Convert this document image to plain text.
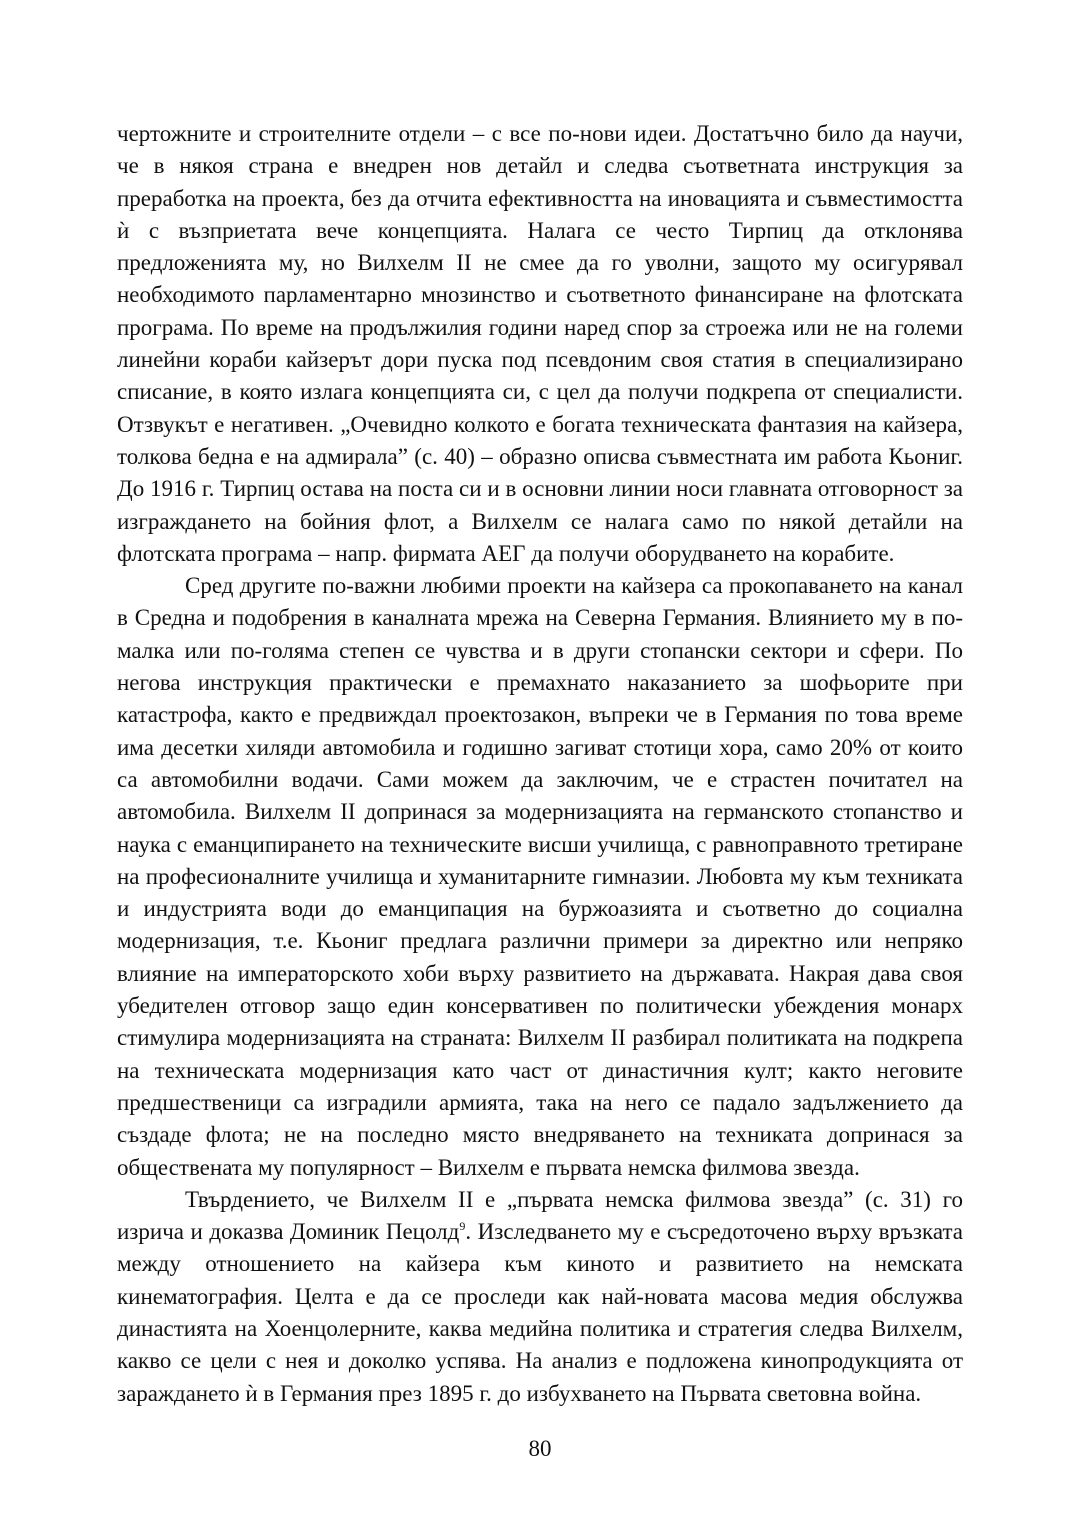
чертожните и строителните отдели – с все по-нови идеи. Достатъчно било да научи, че в някоя страна е внедрен нов детайл и следва съответната инструкция за преработка на проекта, без да отчита ефективността на иновацията и съвместимостта ѝ с възприетата вече концепцията. Налага се често Тирпиц да отклонява предложенията му, но Вилхелм II не смее да го уволни, защото му осигурявал необходимото парламентарно мнозинство и съответното финансиране на флотската програма. По време на продължилия години наред спор за строежа или не на големи линейни кораби кайзерът дори пуска под псевдоним своя статия в специализирано списание, в която излага концепцията си, с цел да получи подкрепа от специалисти. Отзвукът е негативен. „Очевидно колкото е богата техническата фантазия на кайзера, толкова бедна е на адмирала” (с. 40) – образно описва съвместната им работа Кьониг. До 1916 г. Тирпиц остава на поста си и в основни линии носи главната отговорност за изграждането на бойния флот, а Вилхелм се налага само по някой детайли на флотската програма – напр. фирмата АЕГ да получи оборудването на корабите.

Сред другите по-важни любими проекти на кайзера са прокопаването на канал в Средна и подобрения в каналната мрежа на Северна Германия. Влиянието му в по-малка или по-голяма степен се чувства и в други стопански сектори и сфери. По негова инструкция практически е премахнато наказанието за шофьорите при катастрофа, както е предвиждал проектозакон, въпреки че в Германия по това време има десетки хиляди автомобила и годишно загиват стотици хора, само 20% от които са автомобилни водачи. Сами можем да заключим, че е страстен почитател на автомобила. Вилхелм II допринася за модернизацията на германското стопанство и наука с еманципирането на техническите висши училища, с равноправното третиране на професионалните училища и хуманитарните гимназии. Любовта му към техниката и индустрията води до еманципация на буржоазията и съответно до социална модернизация, т.е. Кьониг предлага различни примери за директно или непряко влияние на императорското хоби върху развитието на държавата. Накрая дава своя убедителен отговор защо един консервативен по политически убеждения монарх стимулира модернизацията на страната: Вилхелм II разбирал политиката на подкрепа на техническата модернизация като част от династичния култ; както неговите предшественици са изградили армията, така на него се падало задължението да създаде флота; не на последно място внедряването на техниката допринася за обществената му популярност – Вилхелм е първата немска филмова звезда.

Твърдението, че Вилхелм II е „първата немска филмова звезда” (с. 31) го изрича и доказва Доминик Пецолд$^9$. Изследването му е съсредоточено върху връзката между отношението на кайзера към киното и развитието на немската кинематография. Целта е да се проследи как най-новата масова медия обслужва династията на Хоенцолерните, каква медийна политика и стратегия следва Вилхелм, какво се цели с нея и доколко успява. На анализ е подложена кинопродукцията от зараждането ѝ в Германия през 1895 г. до избухването на Първата световна война.

80
